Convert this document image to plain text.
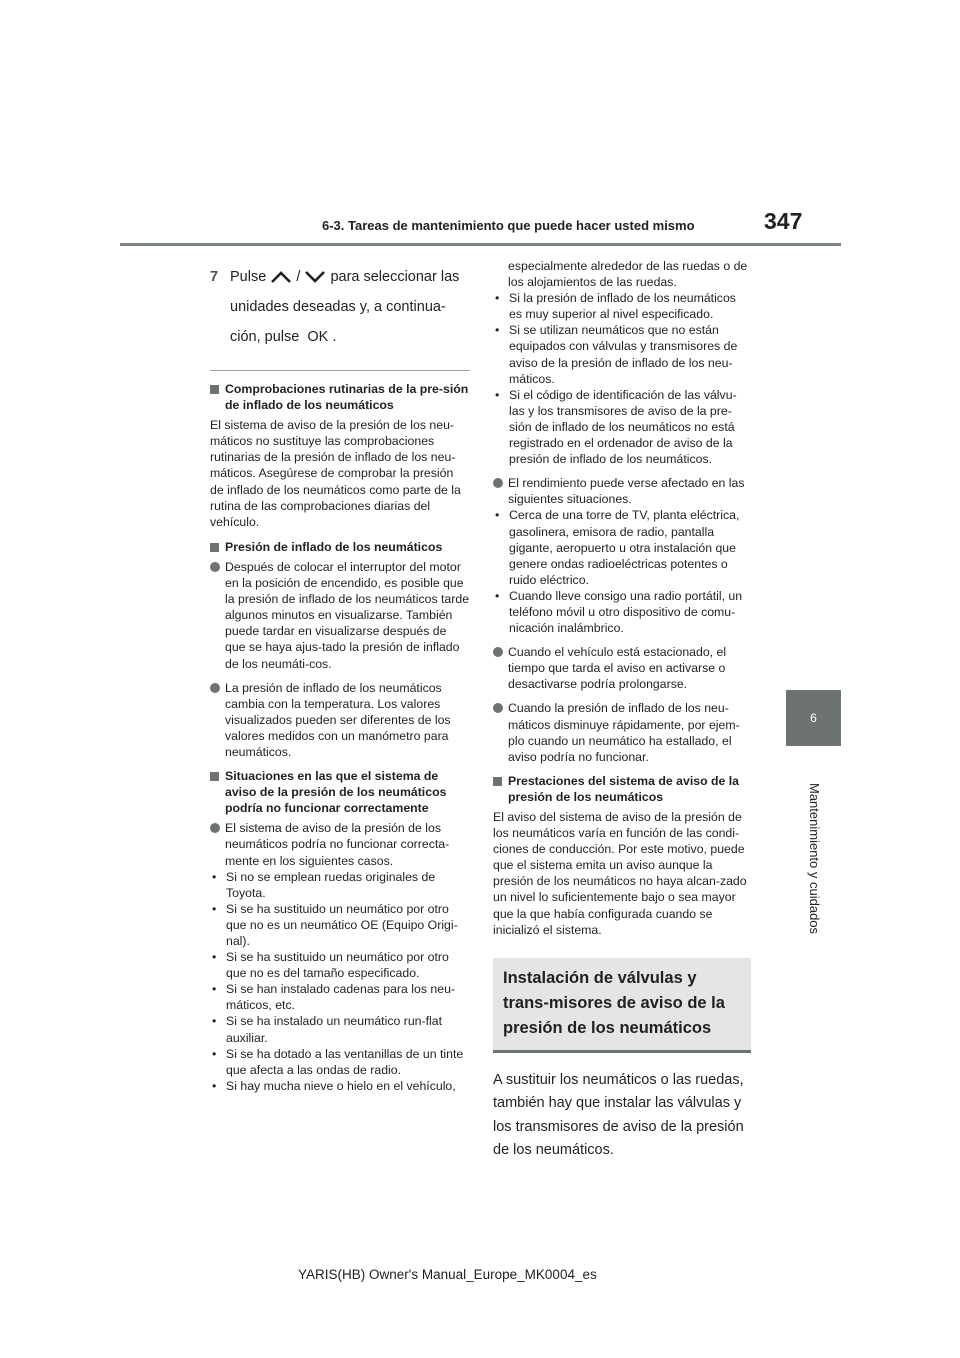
6-3. Tareas de mantenimiento que puede hacer usted mismo	347
6
Mantenimiento y cuidados
7 Pulse / para seleccionar las unidades deseadas y, a continua-ción, pulse OK .
Comprobaciones rutinarias de la pre-sión de inflado de los neumáticos
El sistema de aviso de la presión de los neu-máticos no sustituye las comprobaciones rutinarias de la presión de inflado de los neu-máticos. Asegúrese de comprobar la presión de inflado de los neumáticos como parte de la rutina de las comprobaciones diarias del vehículo.
Presión de inflado de los neumáticos
Después de colocar el interruptor del motor en la posición de encendido, es posible que la presión de inflado de los neumáticos tarde algunos minutos en visualizarse. También puede tardar en visualizarse después de que se haya ajus-tado la presión de inflado de los neumáti-cos.
La presión de inflado de los neumáticos cambia con la temperatura. Los valores visualizados pueden ser diferentes de los valores medidos con un manómetro para neumáticos.
Situaciones en las que el sistema de aviso de la presión de los neumáticos podría no funcionar correctamente
El sistema de aviso de la presión de los neumáticos podría no funcionar correcta-mente en los siguientes casos.
• Si no se emplean ruedas originales de Toyota.
• Si se ha sustituido un neumático por otro que no es un neumático OE (Equipo Origi-nal).
• Si se ha sustituido un neumático por otro que no es del tamaño especificado.
• Si se han instalado cadenas para los neu-máticos, etc.
• Si se ha instalado un neumático run-flat auxiliar.
• Si se ha dotado a las ventanillas de un tinte que afecta a las ondas de radio.
• Si hay mucha nieve o hielo en el vehículo,
especialmente alrededor de las ruedas o de los alojamientos de las ruedas.
• Si la presión de inflado de los neumáticos es muy superior al nivel especificado.
• Si se utilizan neumáticos que no están equipados con válvulas y transmisores de aviso de la presión de inflado de los neu-máticos.
• Si el código de identificación de las válvu-las y los transmisores de aviso de la pre-sión de inflado de los neumáticos no está registrado en el ordenador de aviso de la presión de inflado de los neumáticos.
El rendimiento puede verse afectado en las siguientes situaciones.
• Cerca de una torre de TV, planta eléctrica, gasolinera, emisora de radio, pantalla gigante, aeropuerto u otra instalación que genere ondas radioeléctricas potentes o ruido eléctrico.
• Cuando lleve consigo una radio portátil, un teléfono móvil u otro dispositivo de comu-nicación inalámbrico.
Cuando el vehículo está estacionado, el tiempo que tarda el aviso en activarse o desactivarse podría prolongarse.
Cuando la presión de inflado de los neu-máticos disminuye rápidamente, por ejem-plo cuando un neumático ha estallado, el aviso podría no funcionar.
Prestaciones del sistema de aviso de la presión de los neumáticos
El aviso del sistema de aviso de la presión de los neumáticos varía en función de las condi-ciones de conducción. Por este motivo, puede que el sistema emita un aviso aunque la presión de los neumáticos no haya alcan-zado un nivel lo suficientemente bajo o sea mayor que la que había configurada cuando se inicializó el sistema.
Instalación de válvulas y trans-misores de aviso de la presión de los neumáticos
A sustituir los neumáticos o las ruedas, también hay que instalar las válvulas y los transmisores de aviso de la presión de los neumáticos.
YARIS(HB) Owner's Manual_Europe_MK0004_es
